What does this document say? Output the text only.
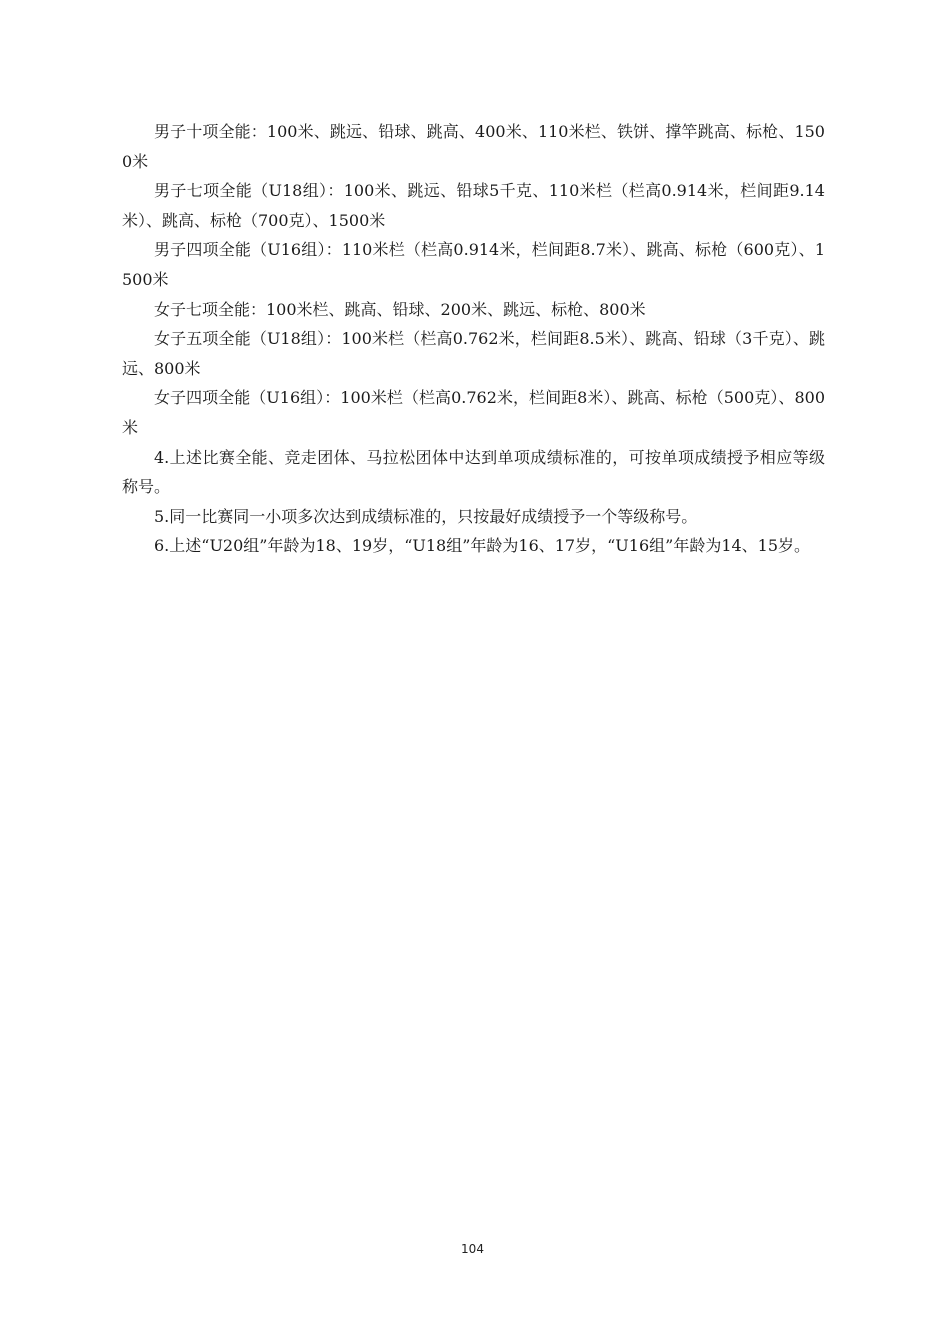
男子十项全能：100米、跳远、铅球、跳高、400米、110米栏、铁饼、撑竿跳高、标枪、1500米

男子七项全能（U18组）：100米、跳远、铅球5千克、110米栏（栏高0.914米，栏间距9.14米）、跳高、标枪（700克）、1500米

男子四项全能（U16组）：110米栏（栏高0.914米，栏间距8.7米）、跳高、标枪（600克）、1500米

女子七项全能：100米栏、跳高、铅球、200米、跳远、标枪、800米

女子五项全能（U18组）：100米栏（栏高0.762米，栏间距8.5米）、跳高、铅球（3千克）、跳远、800米

女子四项全能（U16组）：100米栏（栏高0.762米，栏间距8米）、跳高、标枪（500克）、800米

4.上述比赛全能、竞走团体、马拉松团体中达到单项成绩标准的，可按单项成绩授予相应等级称号。

5.同一比赛同一小项多次达到成绩标准的，只按最好成绩授予一个等级称号。

6.上述“U20组”年龄为18、19岁，“U18组”年龄为16、17岁，“U16组”年龄为14、15岁。

104
